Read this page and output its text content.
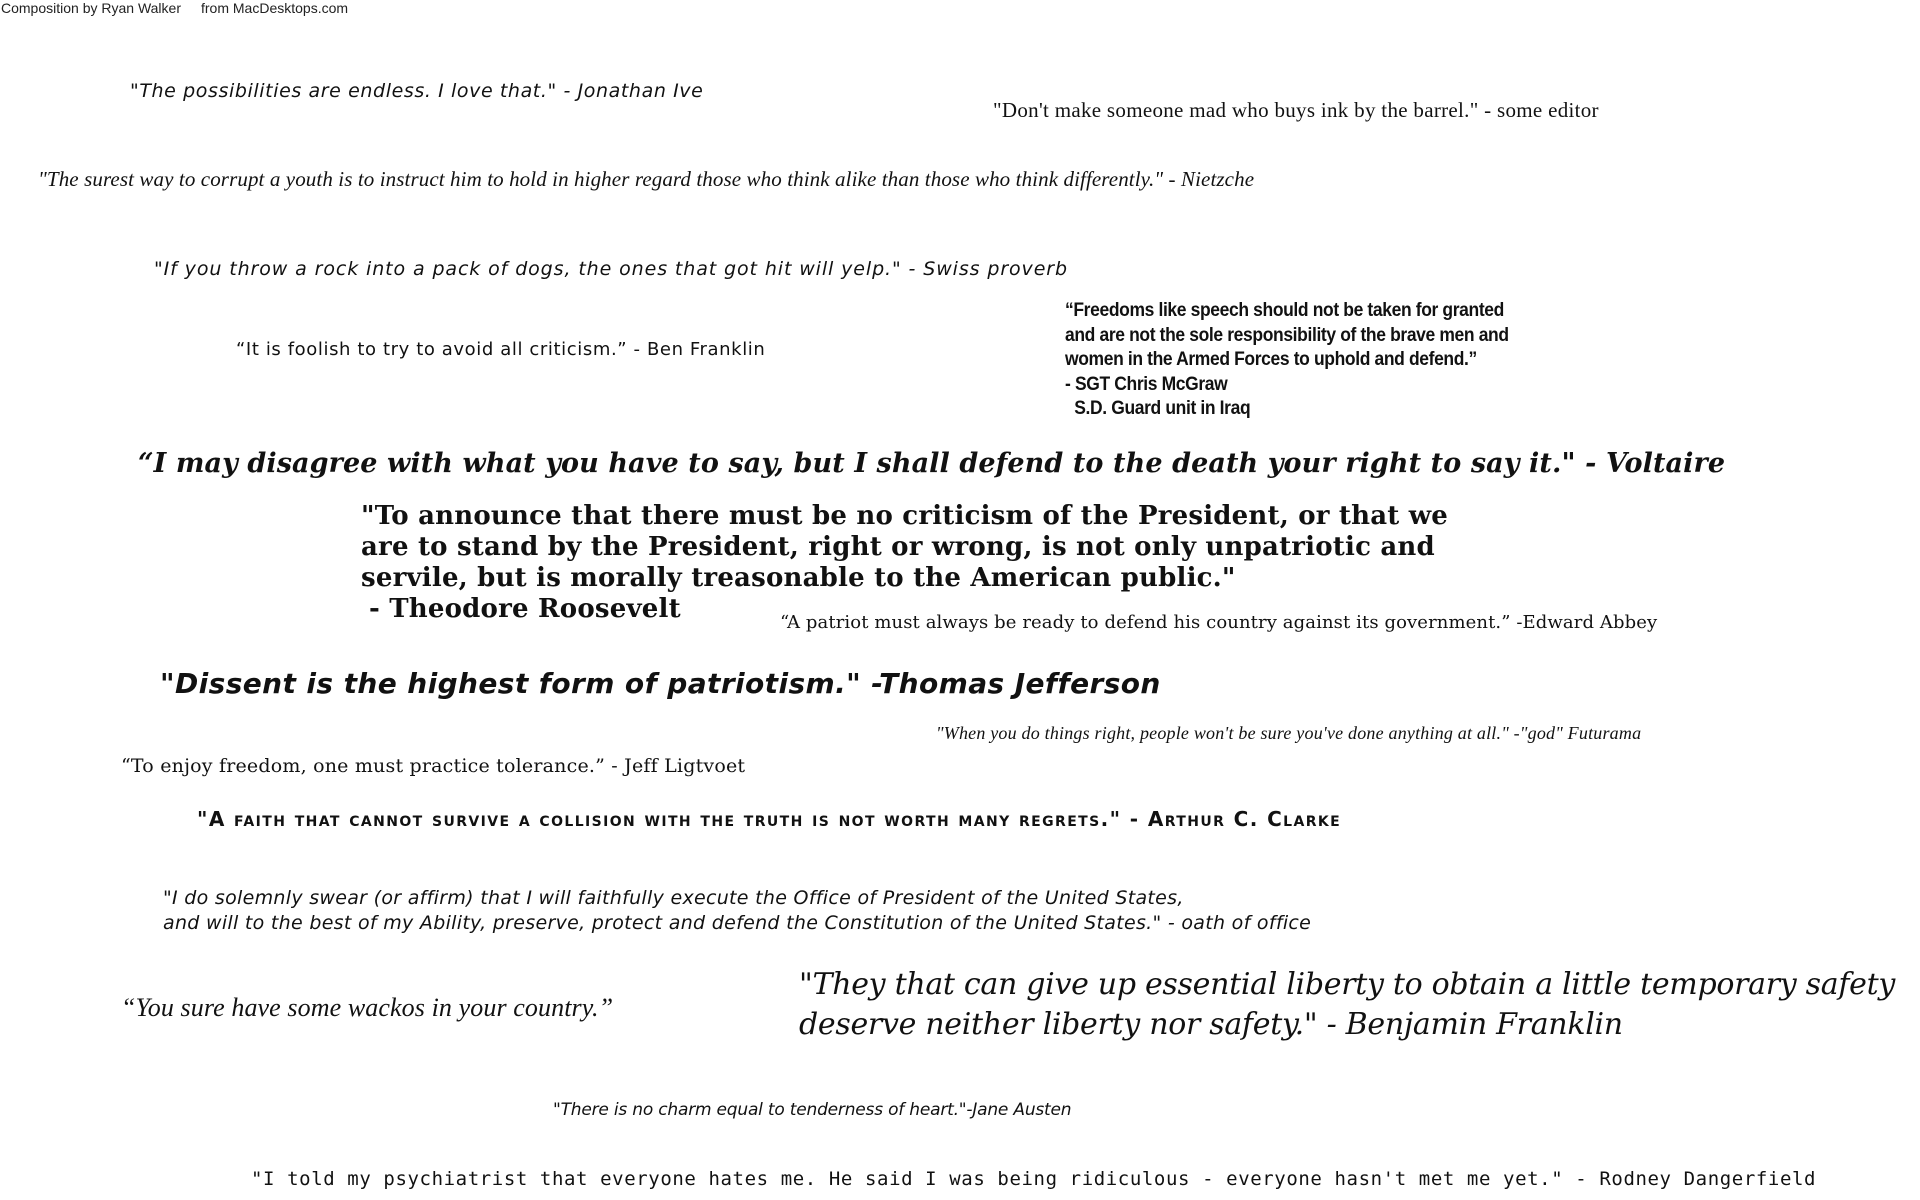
Composition by Ryan Walker from MacDesktops.com

"The possibilities are endless. I love that." - Jonathan Ive

"Don't make someone mad who buys ink by the barrel." - some editor

"The surest way to corrupt a youth is to instruct him to hold in higher regard those who think alike than those who think differently." - Nietzche

"If you throw a rock into a pack of dogs, the ones that got hit will yelp." - Swiss proverb

“It is foolish to try to avoid all criticism.” - Ben Franklin

“Freedoms like speech should not be taken for granted
and are not the sole responsibility of the brave men and
women in the Armed Forces to uphold and defend.”
- SGT Chris McGraw
S.D. Guard unit in Iraq

“I may disagree with what you have to say, but I shall defend to the death your right to say it." - Voltaire

"To announce that there must be no criticism of the President, or that we
are to stand by the President, right or wrong, is not only unpatriotic and
servile, but is morally treasonable to the American public."
- Theodore Roosevelt	“A patriot must always be ready to defend his country against its government.” -Edward Abbey

"Dissent is the highest form of patriotism." -Thomas Jefferson

"When you do things right, people won't be sure you've done anything at all." -"god" Futurama

“To enjoy freedom, one must practice tolerance.” - Jeff Ligtvoet

"A faith that cannot survive a collision with the truth is not worth many regrets." - Arthur C. Clarke

"I do solemnly swear (or affirm) that I will faithfully execute the Office of President of the United States,
and will to the best of my Ability, preserve, protect and defend the Constitution of the United States." - oath of office

“You sure have some wackos in your country.”

"They that can give up essential liberty to obtain a little temporary safety
deserve neither liberty nor safety." - Benjamin Franklin

"There is no charm equal to tenderness of heart."-Jane Austen

"I told my psychiatrist that everyone hates me. He said I was being ridiculous - everyone hasn't met me yet." - Rodney Dangerfield
